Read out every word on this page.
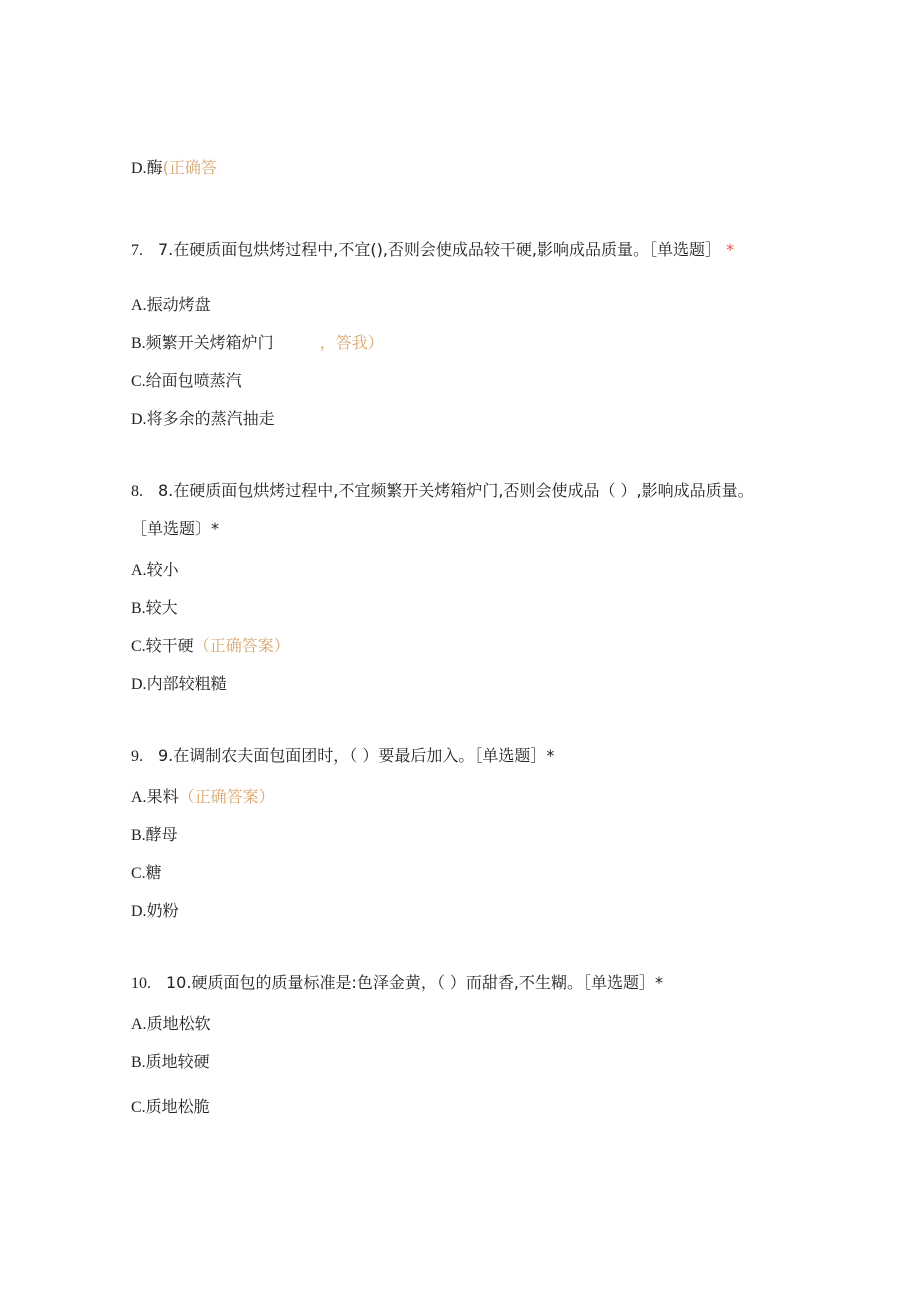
D.酶(正确答
7. 7.在硬质面包烘烤过程中,不宜(),否则会使成品较干硬,影响成品质量。［单选题］ *
A.振动烤盘
B.频繁开关烤箱炉门	，答我）
C.给面包喷蒸汽
D.将多余的蒸汽抽走
8. 8.在硬质面包烘烤过程中,不宜频繁开关烤箱炉门,否则会使成品（ ）,影响成品质量。
［单选题〕*
A.较小
B.较大
C.较干硬（正确答案）
D.内部较粗糙
9. 9.在调制农夫面包面团时，（ ）要最后加入。［单选题］*
A.果料（正确答案）
B.酵母
C.糖
D.奶粉
10. 10.硬质面包的质量标准是:色泽金黄，（ ）而甜香,不生糊。［单选题］*
A.质地松软
B.质地较硬
C.质地松脆
